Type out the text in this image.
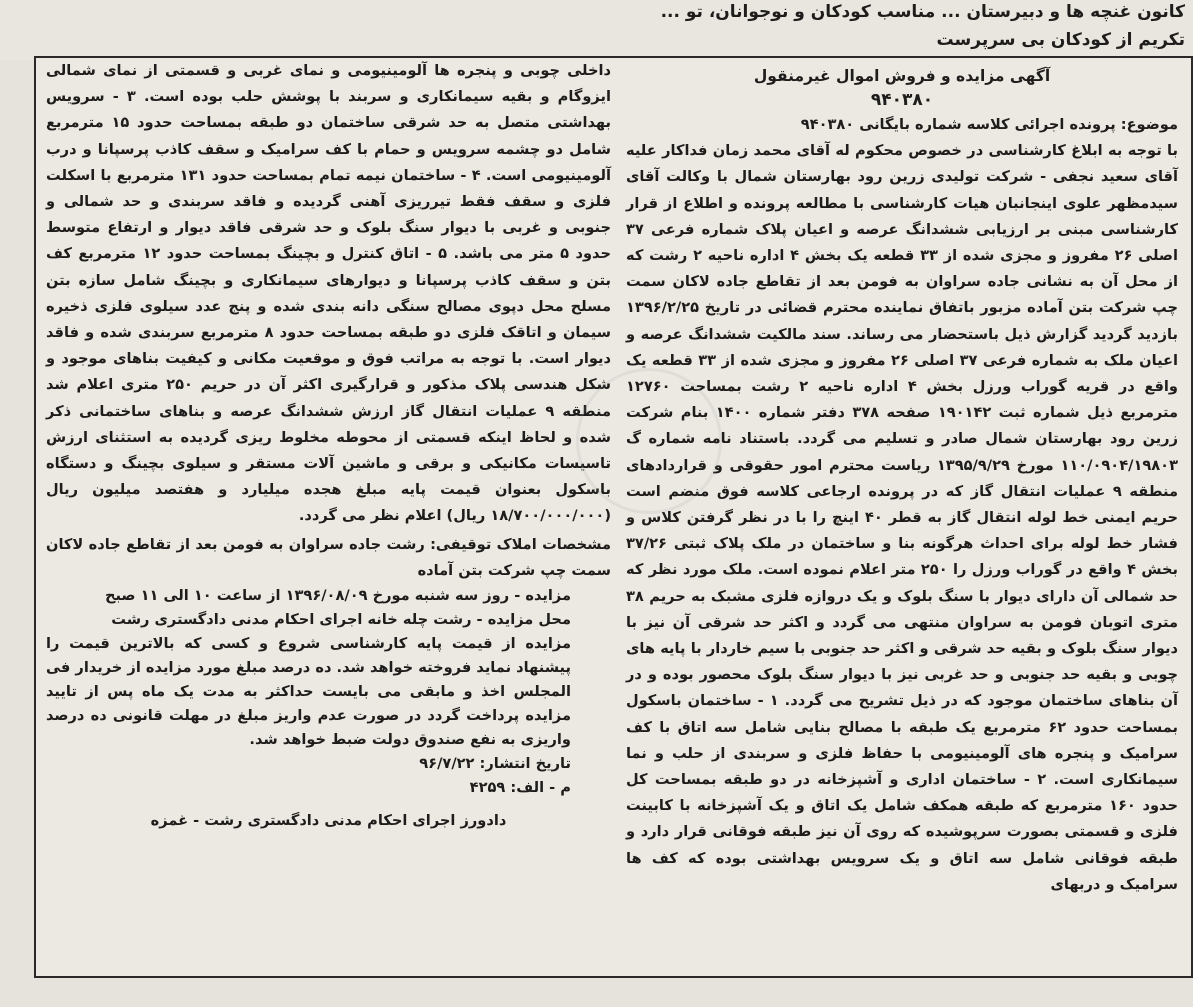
کانون غنچه ها و دبیرستان ... مناسب کودکان و نوجوانان، تو ...
تکریم از کودکان بی سرپرست

داخلی چوبی و پنجره ها آلومینیومی و نمای غربی و قسمتی از نمای شمالی ایزوگام و بقیه سیمانکاری و سربند با پوشش حلب بوده است. ۳ - سرویس بهداشتی متصل به حد شرقی ساختمان دو طبقه بمساحت حدود ۱۵ مترمربع شامل دو چشمه سرویس و حمام با کف سرامیک و سقف کاذب پرسپانا و درب آلومینیومی است. ۴ - ساختمان نیمه تمام بمساحت حدود ۱۳۱ مترمربع با اسکلت فلزی و سقف فقط تیرریزی آهنی گردیده و فاقد سربندی و حد شمالی و جنوبی و غربی با دیوار سنگ بلوک و حد شرقی فاقد دیوار و ارتفاع متوسط حدود ۵ متر می باشد. ۵ - اتاق کنترل و بچینگ بمساحت حدود ۱۲ مترمربع کف بتن و سقف کاذب پرسپانا و دیوارهای سیمانکاری و بچینگ شامل سازه بتن مسلح محل دپوی مصالح سنگی دانه بندی شده و پنج عدد سیلوی فلزی ذخیره سیمان و اتاقک فلزی دو طبقه بمساحت حدود ۸ مترمربع سربندی شده و فاقد دیوار است. با توجه به مراتب فوق و موقعیت مکانی و کیفیت بناهای موجود و شکل هندسی پلاک مذکور و قرارگیری اکثر آن در حریم ۲۵۰ متری اعلام شد منطقه ۹ عملیات انتقال گاز ارزش ششدانگ عرصه و بناهای ساختمانی ذکر شده و لحاظ اینکه قسمتی از محوطه مخلوط ریزی گردیده به استثنای ارزش تاسیسات مکانیکی و برقی و ماشین آلات مستقر و سیلوی بچینگ و دستگاه باسکول بعنوان قیمت پایه مبلغ هجده میلیارد و هفتصد میلیون ریال (۱۸/۷۰۰/۰۰۰/۰۰۰ ریال) اعلام نظر می گردد.

مشخصات املاک توقیفی: رشت جاده سراوان به فومن بعد از تقاطع جاده لاکان سمت چپ شرکت بتن آماده

مزایده - روز سه شنبه مورخ ۱۳۹۶/۰۸/۰۹ از ساعت ۱۰ الی ۱۱ صبح

محل مزایده - رشت چله خانه اجرای احکام مدنی دادگستری رشت

مزایده از قیمت پایه کارشناسی شروع و کسی که بالاترین قیمت را پیشنهاد نماید فروخته خواهد شد. ده درصد مبلغ مورد مزایده از خریدار فی المجلس اخذ و مابقی می بایست حداکثر به مدت یک ماه پس از تایید مزایده پرداخت گردد در صورت عدم واریز مبلغ در مهلت قانونی ده درصد واریزی به نفع صندوق دولت ضبط خواهد شد.

تاریخ انتشار: ۹۶/۷/۲۲

م - الف: ۴۲۵۹

دادورز اجرای احکام مدنی دادگستری رشت - غمزه

آگهی مزایده و فروش اموال غیرمنقول

۹۴۰۳۸۰

موضوع: پرونده اجرائی کلاسه شماره بایگانی ۹۴۰۳۸۰

با توجه به ابلاغ کارشناسی در خصوص محکوم له آقای محمد زمان فداکار علیه آقای سعید نجفی - شرکت تولیدی زرین رود بهارستان شمال با وکالت آقای سیدمظهر علوی اینجانبان هیات کارشناسی با مطالعه پرونده و اطلاع از قرار کارشناسی مبنی بر ارزیابی ششدانگ عرصه و اعیان پلاک شماره فرعی ۳۷ اصلی ۲۶ مفروز و مجزی شده از ۳۳ قطعه یک بخش ۴ اداره ناحیه ۲ رشت که از محل آن به نشانی جاده سراوان به فومن بعد از تقاطع جاده لاکان سمت چپ شرکت بتن آماده مزبور باتفاق نماینده محترم قضائی در تاریخ ۱۳۹۶/۲/۲۵ بازدید گردید گزارش ذیل باستحضار می رساند. سند مالکیت ششدانگ عرصه و اعیان ملک به شماره فرعی ۳۷ اصلی ۲۶ مفروز و مجزی شده از ۳۳ قطعه یک واقع در قریه گوراب ورزل بخش ۴ اداره ناحیه ۲ رشت بمساحت ۱۲۷۶۰ مترمربع ذیل شماره ثبت ۱۹۰۱۴۲ صفحه ۳۷۸ دفتر شماره ۱۴۰۰ بنام شرکت زرین رود بهارستان شمال صادر و تسلیم می گردد. باستناد نامه شماره گ ۱۱۰/۰۹۰۴/۱۹۸۰۳ مورخ ۱۳۹۵/۹/۲۹ ریاست محترم امور حقوقی و قراردادهای منطقه ۹ عملیات انتقال گاز که در پرونده ارجاعی کلاسه فوق منضم است حریم ایمنی خط لوله انتقال گاز به قطر ۴۰ اینچ را با در نظر گرفتن کلاس و فشار خط لوله برای احداث هرگونه بنا و ساختمان در ملک پلاک ثبتی ۳۷/۲۶ بخش ۴ واقع در گوراب ورزل را ۲۵۰ متر اعلام نموده است. ملک مورد نظر که حد شمالی آن دارای دیوار با سنگ بلوک و یک دروازه فلزی مشبک به حریم ۳۸ متری اتوبان فومن به سراوان منتهی می گردد و اکثر حد شرقی آن نیز با دیوار سنگ بلوک و بقیه حد شرقی و اکثر حد جنوبی با سیم خاردار با پایه های چوبی و بقیه حد جنوبی و حد غربی نیز با دیوار سنگ بلوک محصور بوده و در آن بناهای ساختمان موجود که در ذیل تشریح می گردد. ۱ - ساختمان باسکول بمساحت حدود ۶۲ مترمربع یک طبقه با مصالح بنایی شامل سه اتاق با کف سرامیک و پنجره های آلومینیومی با حفاظ فلزی و سربندی از حلب و نما سیمانکاری است. ۲ - ساختمان اداری و آشپزخانه در دو طبقه بمساحت کل حدود ۱۶۰ مترمربع که طبقه همکف شامل یک اتاق و یک آشپزخانه با کابینت فلزی و قسمتی بصورت سرپوشیده که روی آن نیز طبقه فوقانی قرار دارد و طبقه فوقانی شامل سه اتاق و یک سرویس بهداشتی بوده که کف ها سرامیک و دربهای
